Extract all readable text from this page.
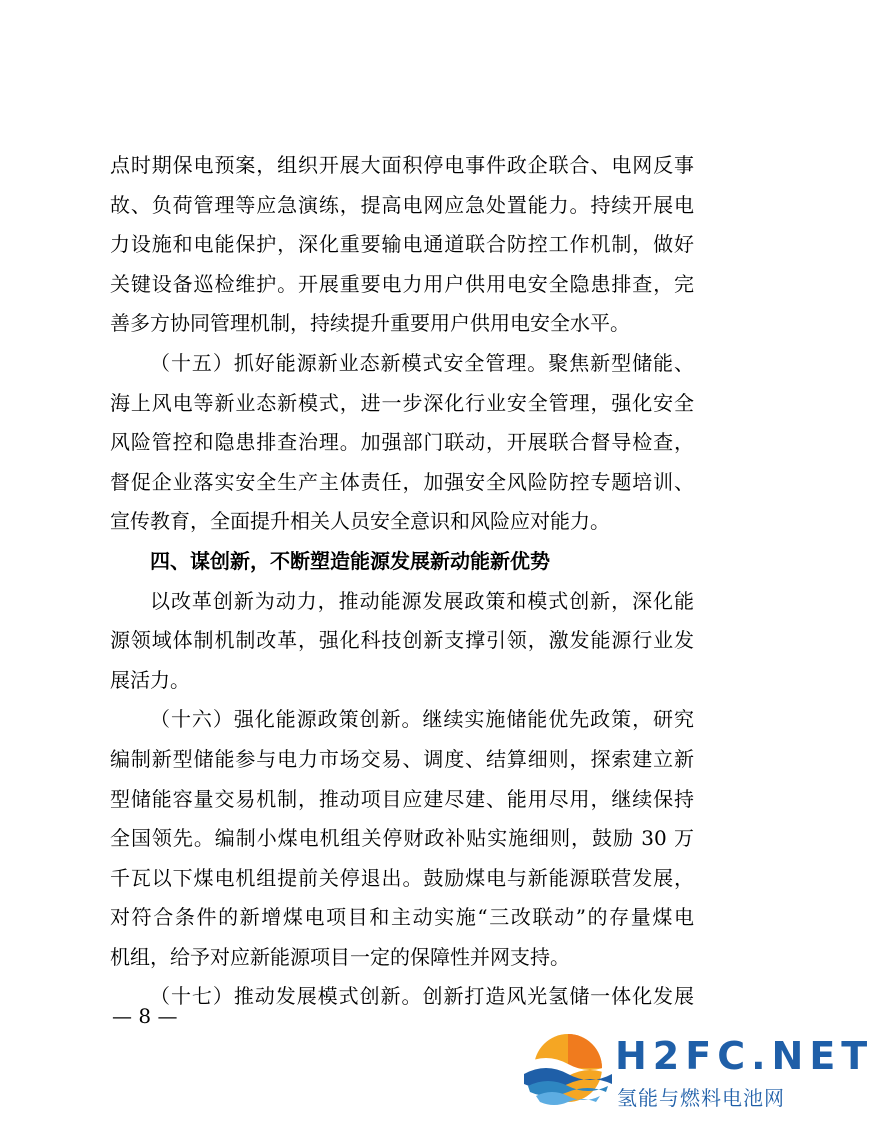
点时期保电预案，组织开展大面积停电事件政企联合、电网反事
故、负荷管理等应急演练，提高电网应急处置能力。持续开展电
力设施和电能保护，深化重要输电通道联合防控工作机制，做好
关键设备巡检维护。开展重要电力用户供用电安全隐患排查，完
善多方协同管理机制，持续提升重要用户供用电安全水平。
（十五）抓好能源新业态新模式安全管理。聚焦新型储能、
海上风电等新业态新模式，进一步深化行业安全管理，强化安全
风险管控和隐患排查治理。加强部门联动，开展联合督导检查，
督促企业落实安全生产主体责任，加强安全风险防控专题培训、
宣传教育，全面提升相关人员安全意识和风险应对能力。
四、谋创新，不断塑造能源发展新动能新优势
以改革创新为动力，推动能源发展政策和模式创新，深化能
源领域体制机制改革，强化科技创新支撑引领，激发能源行业发
展活力。
（十六）强化能源政策创新。继续实施储能优先政策，研究
编制新型储能参与电力市场交易、调度、结算细则，探索建立新
型储能容量交易机制，推动项目应建尽建、能用尽用，继续保持
全国领先。编制小煤电机组关停财政补贴实施细则，鼓励 30 万
千瓦以下煤电机组提前关停退出。鼓励煤电与新能源联营发展，
对符合条件的新增煤电项目和主动实施“三改联动”的存量煤电
机组，给予对应新能源项目一定的保障性并网支持。
（十七）推动发展模式创新。创新打造风光氢储一体化发展
— 8 —
H2FC.NET
氢能与燃料电池网
